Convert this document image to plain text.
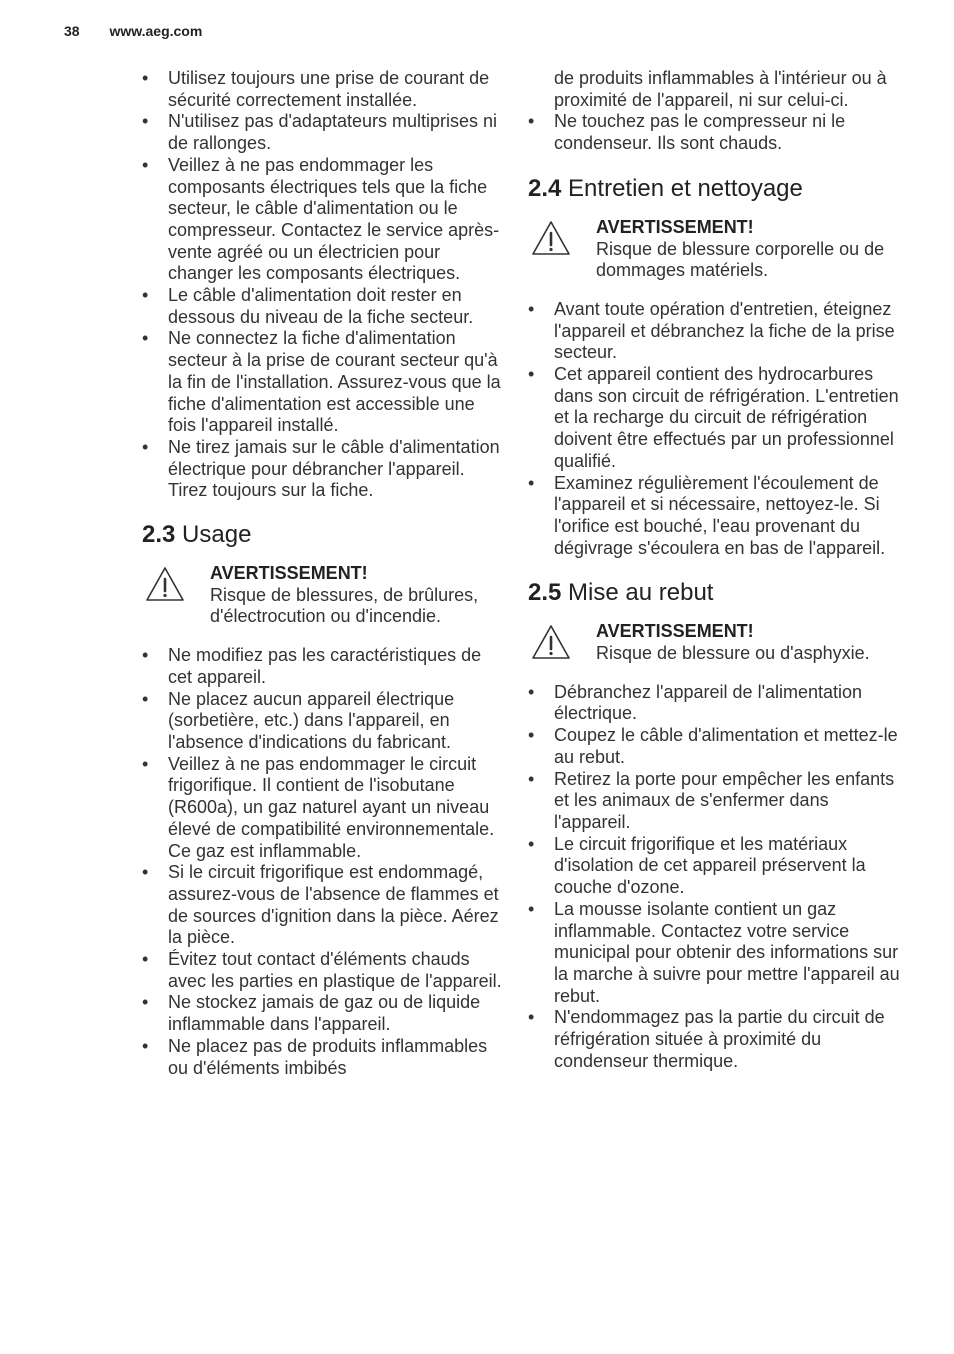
38 www.aeg.com
• Utilisez toujours une prise de courant de sécurité correctement installée.
• N'utilisez pas d'adaptateurs multiprises ni de rallonges.
• Veillez à ne pas endommager les composants électriques tels que la fiche secteur, le câble d'alimentation ou le compresseur. Contactez le service après-vente agréé ou un électricien pour changer les composants électriques.
• Le câble d'alimentation doit rester en dessous du niveau de la fiche secteur.
• Ne connectez la fiche d'alimentation secteur à la prise de courant secteur qu'à la fin de l'installation. Assurez-vous que la fiche d'alimentation est accessible une fois l'appareil installé.
• Ne tirez jamais sur le câble d'alimentation électrique pour débrancher l'appareil. Tirez toujours sur la fiche.
2.3 Usage
AVERTISSEMENT!
Risque de blessures, de brûlures, d'électrocution ou d'incendie.
• Ne modifiez pas les caractéristiques de cet appareil.
• Ne placez aucun appareil électrique (sorbetière, etc.) dans l'appareil, en l'absence d'indications du fabricant.
• Veillez à ne pas endommager le circuit frigorifique. Il contient de l'isobutane (R600a), un gaz naturel ayant un niveau élevé de compatibilité environnementale. Ce gaz est inflammable.
• Si le circuit frigorifique est endommagé, assurez-vous de l'absence de flammes et de sources d'ignition dans la pièce. Aérez la pièce.
• Évitez tout contact d'éléments chauds avec les parties en plastique de l'appareil.
• Ne stockez jamais de gaz ou de liquide inflammable dans l'appareil.
• Ne placez pas de produits inflammables ou d'éléments imbibés
de produits inflammables à l'intérieur ou à proximité de l'appareil, ni sur celui-ci.
• Ne touchez pas le compresseur ni le condenseur. Ils sont chauds.
2.4 Entretien et nettoyage
AVERTISSEMENT!
Risque de blessure corporelle ou de dommages matériels.
• Avant toute opération d'entretien, éteignez l'appareil et débranchez la fiche de la prise secteur.
• Cet appareil contient des hydrocarbures dans son circuit de réfrigération. L'entretien et la recharge du circuit de réfrigération doivent être effectués par un professionnel qualifié.
• Examinez régulièrement l'écoulement de l'appareil et si nécessaire, nettoyez-le. Si l'orifice est bouché, l'eau provenant du dégivrage s'écoulera en bas de l'appareil.
2.5 Mise au rebut
AVERTISSEMENT!
Risque de blessure ou d'asphyxie.
• Débranchez l'appareil de l'alimentation électrique.
• Coupez le câble d'alimentation et mettez-le au rebut.
• Retirez la porte pour empêcher les enfants et les animaux de s'enfermer dans l'appareil.
• Le circuit frigorifique et les matériaux d'isolation de cet appareil préservent la couche d'ozone.
• La mousse isolante contient un gaz inflammable. Contactez votre service municipal pour obtenir des informations sur la marche à suivre pour mettre l'appareil au rebut.
• N'endommagez pas la partie du circuit de réfrigération située à proximité du condenseur thermique.
